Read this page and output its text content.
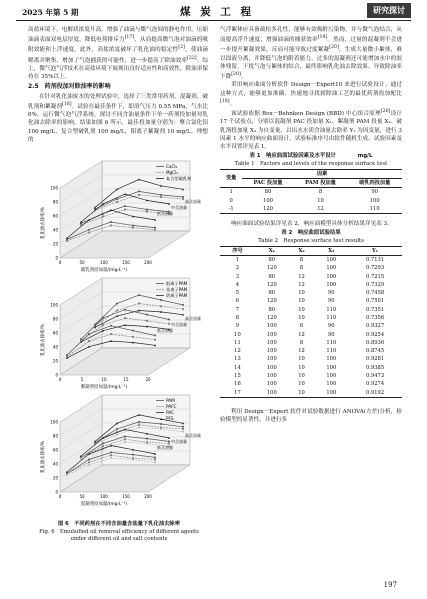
2025 年第 5 期	煤 炭 工 程	研究探讨

高盐环境下，电解质浓度升高，增强了油滴与微气泡间的静电作用，压缩油滴表面双电层厚度，降低电荷排斥力[17]，从而提高微气泡对油滴的吸附效能和上浮速度。此外，高盐浓度破坏了乳化油的稳定性[2]，使油滴解离并聚集，增加了气泡捕获的可能性，进一步提高了除油效率[22]。综上，微气泡气浮技术在高盐环境下展现出良好适应性和高效性，除油率保持在 35%以上。

2.5　药剂投加对除油率的影响

在针对乳化油废水的处理试验中，选择了三类常用药剂，混凝剂、破乳剂和絮凝剂[18]。试验在最佳条件下，即溶气压力 0.55 MPa，气水比 6%，运行微气泡气浮系统，探讨不同含油量条件下单一药剂投加量对乳化油去除率的影响，结果如图 6 所示，最佳投加量分别为：聚合氯化铝 100 mg/L，复合型破乳剂 100 mg/L，阳离子絮凝剂 10 mg/L。理想的

0
20
40
60
80
100
0	50	100	150	200
破乳剂投加量/(mg·L⁻¹)
乳化油去除率/%
高含油量
中含油量
低含油量
CaCl₂
MgCl₂
复合型破乳剂
0
20
40
60
80
100
0	5	10	15	20
絮凝剂投加量/(mg·L⁻¹)
乳化油去除率/%
高含油量
中含油量
低含油量
阳离子PAM
非离子PAM
阴离子PAM
0
20
40
60
80
100
0	50	100	150	200
混凝剂投加量/(mg·L⁻¹)
乳化油去除率/%
高含油量
中含油量
低含油量
PAM
PAFC
PAC
PFS
图 6　不同药剂在不同含油量含盐量下乳化油去除率
Fig. 6　Emulsified oil removal efficiency of different agents
under different oil and salt contents

气浮絮体应具备疏松多孔性，能够有效吸附污染物，并与微气泡结合，从而提高浮升速度，增强油滴的捕获效率[19]。然而，过量的混凝剂不会进一步提升絮凝效果，反而可能导致过度絮凝[20]，生成大量微小絮体，难以固液分离，并降低气泡的附着能力。过多的混凝剂还可能增加水中的胶体残留，干扰气泡与絮体的结合，最终影响乳化油去除效果，导致除油率下降[20]。

采用响应曲面分析软件 Design－Expert10 来进行试验设计。通过这种方式，能够更加准确、快速地寻找到除油工艺的最优药剂投加配比[18]。

该试验依据 Box－Behnken Design (BBD) 中心组合原理[20]设计 17 个试验点，分别以混凝剂 PAC 投加量 X₁、絮凝剂 PAM 投量 X₂、破乳剂投加量 X₃ 为自变量，以出水水质含油量去除率 Y₁ 为因变量，进行 3 因素 1 水平的响应曲面设计，试验标准序号由软件随机生成。试验因素及水平设置详见表 1。

表 1　响应曲面试验因素及水平设计　　　　mg/L
Table 1　Factors and levels of the response surface test
变量	因素		
	PAC 投加量	PAM 投加量	破乳剂投加量
1	80	8	90
0	100	10	100
-1	120	12	110

响应曲面试验结果详见表 2，响应面模型具体分析结果详见表 3。

表 2　响应曲面试验结果
Table 2　Response surface test results
序号	X₁	X₂	X₃	Y₁
1	80	8	100	0.7131
2	120	8	100	0.7293
3	80	12	100	0.7215
4	120	12	100	0.7329
5	80	10	90	0.7458
6	120	10	90	0.7501
7	80	10	110	0.7351
8	120	10	110	0.7356
9	100	8	90	0.9327
10	100	12	90	0.9254
11	100	8	110	0.8936
12	100	12	110	0.8745
13	100	10	100	0.9281
14	100	10	100	0.9385
15	100	10	100	0.9473
16	100	10	100	0.9274
17	100	10	100	0.9192

利用 Design－Expert 软件对试验数据进行 ANOVA(方差)分析，检验模型的显著性，并进行多

197
